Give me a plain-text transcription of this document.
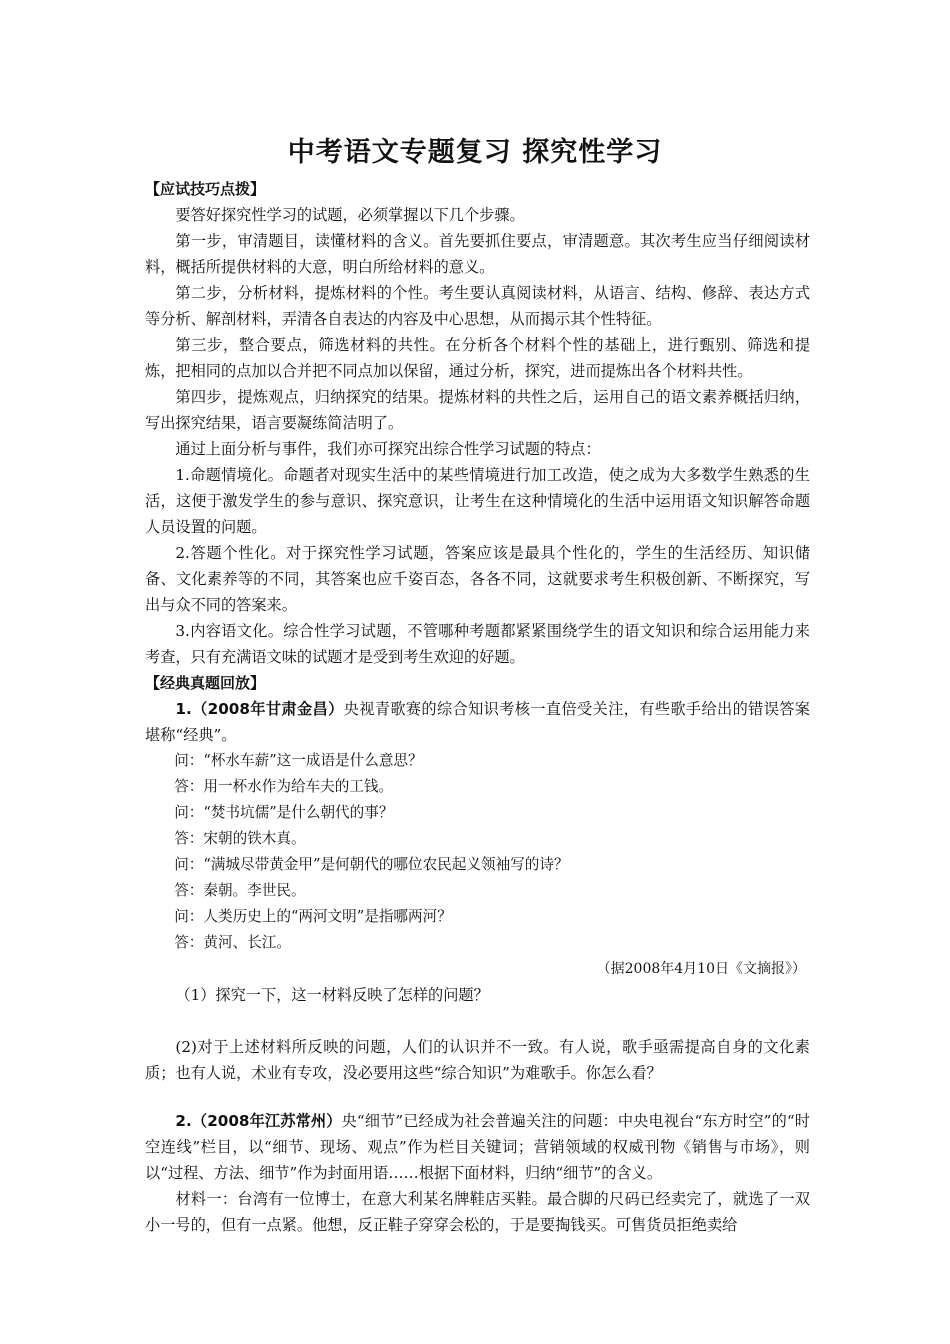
中考语文专题复习 探究性学习

【应试技巧点拨】

要答好探究性学习的试题，必须掌握以下几个步骤。

第一步，审清题目，读懂材料的含义。首先要抓住要点，审清题意。其次考生应当仔细阅读材料，概括所提供材料的大意，明白所给材料的意义。

第二步，分析材料，提炼材料的个性。考生要认真阅读材料，从语言、结构、修辞、表达方式等分析、解剖材料，弄清各自表达的内容及中心思想，从而揭示其个性特征。

第三步，整合要点，筛选材料的共性。在分析各个材料个性的基础上，进行甄别、筛选和提炼，把相同的点加以合并把不同点加以保留，通过分析，探究，进而提炼出各个材料共性。

第四步，提炼观点，归纳探究的结果。提炼材料的共性之后，运用自己的语文素养概括归纳，写出探究结果，语言要凝练简洁明了。

通过上面分析与事件，我们亦可探究出综合性学习试题的特点：

1.命题情境化。命题者对现实生活中的某些情境进行加工改造，使之成为大多数学生熟悉的生活，这便于激发学生的参与意识、探究意识，让考生在这种情境化的生活中运用语文知识解答命题人员设置的问题。

2.答题个性化。对于探究性学习试题，答案应该是最具个性化的，学生的生活经历、知识储备、文化素养等的不同，其答案也应千姿百态，各各不同，这就要求考生积极创新、不断探究，写出与众不同的答案来。

3.内容语文化。综合性学习试题，不管哪种考题都紧紧围绕学生的语文知识和综合运用能力来考查，只有充满语文味的试题才是受到考生欢迎的好题。

【经典真题回放】

1.（2008年甘肃金昌）央视青歌赛的综合知识考核一直倍受关注，有些歌手给出的错误答案堪称“经典”。

问：“杯水车薪”这一成语是什么意思？

答：用一杯水作为给车夫的工钱。

问：“焚书坑儒”是什么朝代的事？

答：宋朝的铁木真。

问：“满城尽带黄金甲”是何朝代的哪位农民起义领袖写的诗？

答：秦朝。李世民。

问：人类历史上的“两河文明”是指哪两河？

答：黄河、长江。

（据2008年4月10日《文摘报》）

（1）探究一下，这一材料反映了怎样的问题？

(2)对于上述材料所反映的问题，人们的认识并不一致。有人说，歌手亟需提高自身的文化素质；也有人说，术业有专攻，没必要用这些“综合知识”为难歌手。你怎么看？

2.（2008年江苏常州）央“细节”已经成为社会普遍关注的问题：中央电视台“东方时空”的“时空连线”栏目，以“细节、现场、观点”作为栏目关键词；营销领域的权威刊物《销售与市场》，则以“过程、方法、细节”作为封面用语……根据下面材料，归纳“细节”的含义。

材料一：台湾有一位博士，在意大利某名牌鞋店买鞋。最合脚的尺码已经卖完了，就选了一双小一号的，但有一点紧。他想，反正鞋子穿穿会松的，于是要掏钱买。可售货员拒绝卖给
